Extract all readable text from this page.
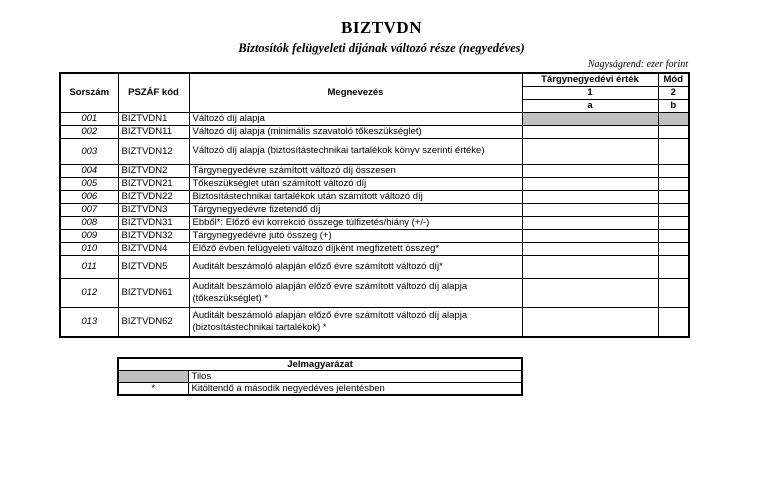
BIZTVDN
Biztosítók felügyeleti díjának változó része (negyedéves)
Nagyságrend: ezer forint
Sorszám	PSZÁF kód	Megnevezés	Tárgynegyedévi érték	Mód
			1	2
			a	b
001	BIZTVDN1	Változó díj alapja		
002	BIZTVDN11	Változó díj alapja (minimális szavatoló tőkeszükséglet)		
003	BIZTVDN12	Változó díj alapja (biztosítástechnikai tartalékok könyv szerinti értéke)		
004	BIZTVDN2	Tárgynegyedévre számított változó díj összesen		
005	BIZTVDN21	Tőkeszükséglet után számított változó díj		
006	BIZTVDN22	Biztosítástechnikai tartalékok után számított változó díj		
007	BIZTVDN3	Tárgynegyedévre fizetendő díj		
008	BIZTVDN31	Ebből*: Előző évi korrekció összege túlfizetés/hiány (+/-)		
009	BIZTVDN32	Tárgynegyedévre jutó összeg (+)		
010	BIZTVDN4	Előző évben felügyeleti változó díjként megfizetett összeg*		
011	BIZTVDN5	Auditált beszámoló alapján előző évre számított változó díj*		
012	BIZTVDN61	Auditált beszámoló alapján előző évre számított változó díj alapja (tőkeszükséglet) *		
013	BIZTVDN62	Auditált beszámoló alapján előző évre számított változó díj alapja (biztosítástechnikai tartalékok) *		
Jelmagyarázat	
	Tilos
*	Kitöltendő a második negyedéves jelentésben
